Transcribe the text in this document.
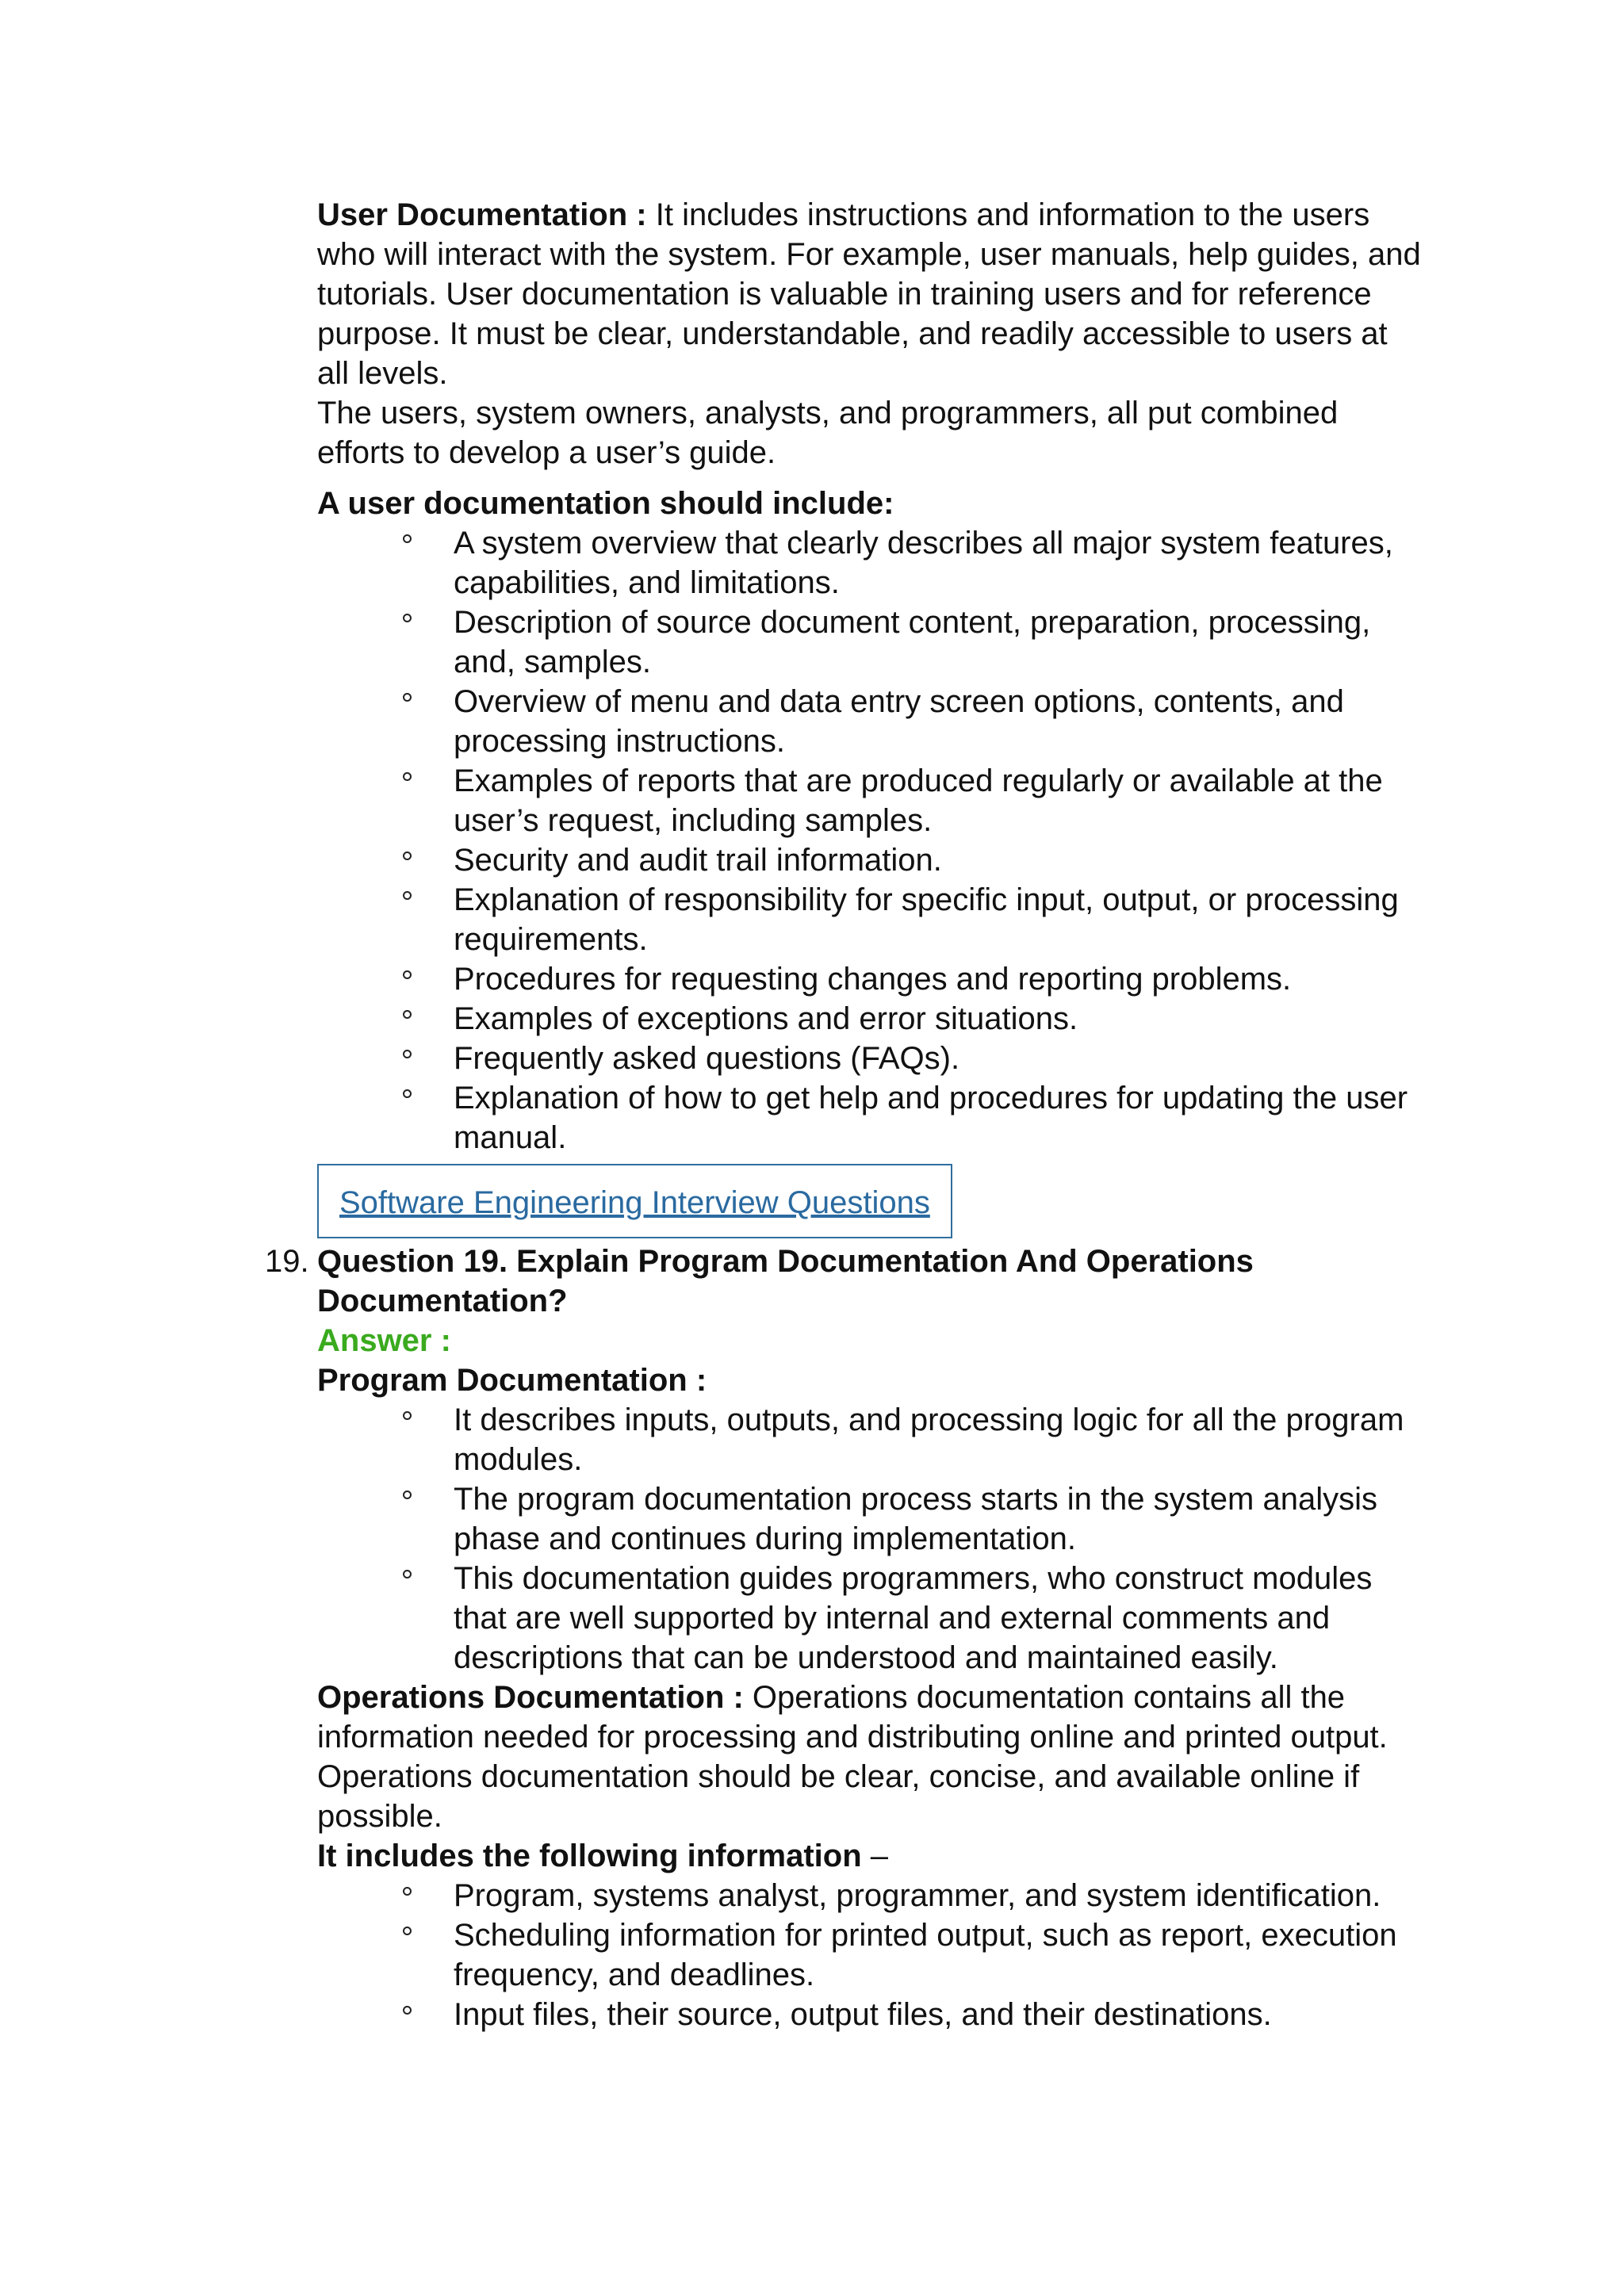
User Documentation : It includes instructions and information to the users who will interact with the system. For example, user manuals, help guides, and tutorials. User documentation is valuable in training users and for reference purpose. It must be clear, understandable, and readily accessible to users at all levels.

The users, system owners, analysts, and programmers, all put combined efforts to develop a user’s guide.

A user documentation should include:

A system overview that clearly describes all major system features, capabilities, and limitations.
Description of source document content, preparation, processing, and, samples.
Overview of menu and data entry screen options, contents, and processing instructions.
Examples of reports that are produced regularly or available at the user’s request, including samples.
Security and audit trail information.
Explanation of responsibility for specific input, output, or processing requirements.
Procedures for requesting changes and reporting problems.
Examples of exceptions and error situations.
Frequently asked questions (FAQs).
Explanation of how to get help and procedures for updating the user manual.
Software Engineering Interview Questions
19. Question 19. Explain Program Documentation And Operations Documentation?

Answer :

Program Documentation :

It describes inputs, outputs, and processing logic for all the program modules.
The program documentation process starts in the system analysis phase and continues during implementation.
This documentation guides programmers, who construct modules that are well supported by internal and external comments and descriptions that can be understood and maintained easily.

Operations Documentation : Operations documentation contains all the information needed for processing and distributing online and printed output. Operations documentation should be clear, concise, and available online if possible.

It includes the following information –

Program, systems analyst, programmer, and system identification.
Scheduling information for printed output, such as report, execution frequency, and deadlines.
Input files, their source, output files, and their destinations.
